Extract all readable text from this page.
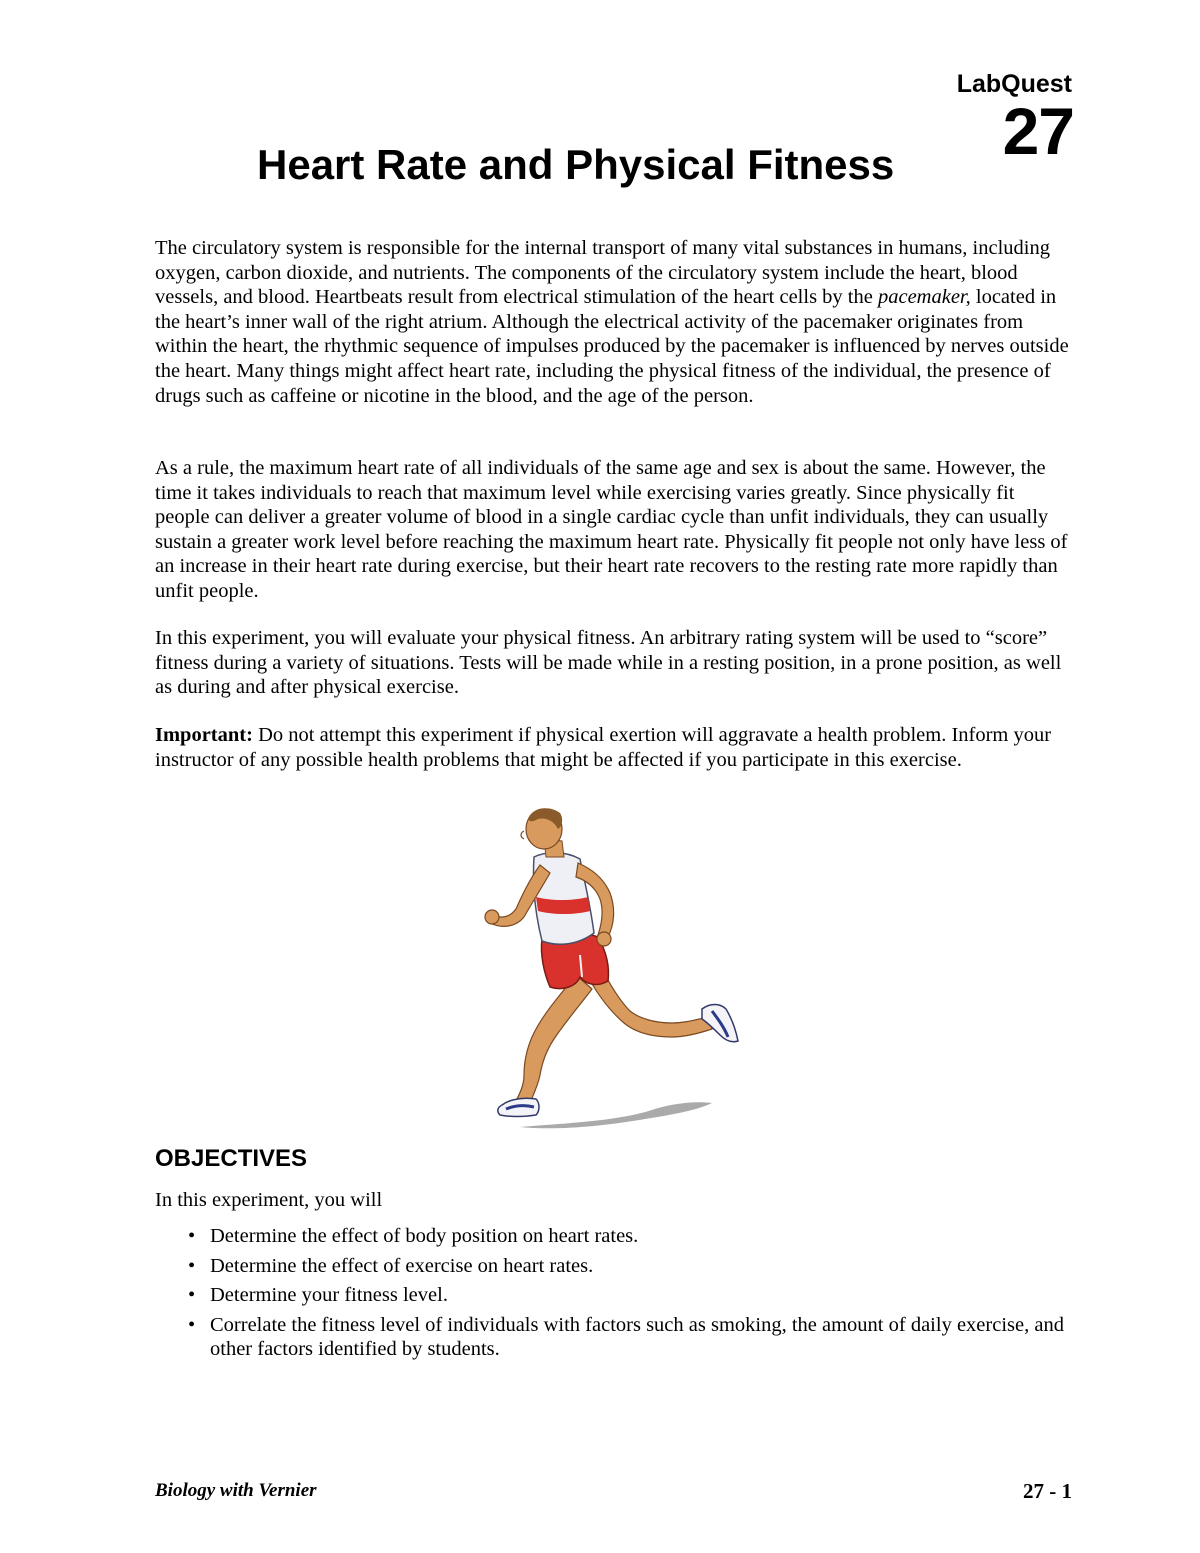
LabQuest
27
Heart Rate and Physical Fitness

The circulatory system is responsible for the internal transport of many vital substances in humans, including oxygen, carbon dioxide, and nutrients. The components of the circulatory system include the heart, blood vessels, and blood. Heartbeats result from electrical stimulation of the heart cells by the pacemaker, located in the heart’s inner wall of the right atrium. Although the electrical activity of the pacemaker originates from within the heart, the rhythmic sequence of impulses produced by the pacemaker is influenced by nerves outside the heart. Many things might affect heart rate, including the physical fitness of the individual, the presence of drugs such as caffeine or nicotine in the blood, and the age of the person.

As a rule, the maximum heart rate of all individuals of the same age and sex is about the same. However, the time it takes individuals to reach that maximum level while exercising varies greatly. Since physically fit people can deliver a greater volume of blood in a single cardiac cycle than unfit individuals, they can usually sustain a greater work level before reaching the maximum heart rate. Physically fit people not only have less of an increase in their heart rate during exercise, but their heart rate recovers to the resting rate more rapidly than unfit people.

In this experiment, you will evaluate your physical fitness. An arbitrary rating system will be used to “score” fitness during a variety of situations. Tests will be made while in a resting position, in a prone position, as well as during and after physical exercise.

Important: Do not attempt this experiment if physical exertion will aggravate a health problem. Inform your instructor of any possible health problems that might be affected if you participate in this exercise.

OBJECTIVES
In this experiment, you will
• Determine the effect of body position on heart rates.
• Determine the effect of exercise on heart rates.
• Determine your fitness level.
• Correlate the fitness level of individuals with factors such as smoking, the amount of daily exercise, and other factors identified by students.
Biology with Vernier	27 - 1
